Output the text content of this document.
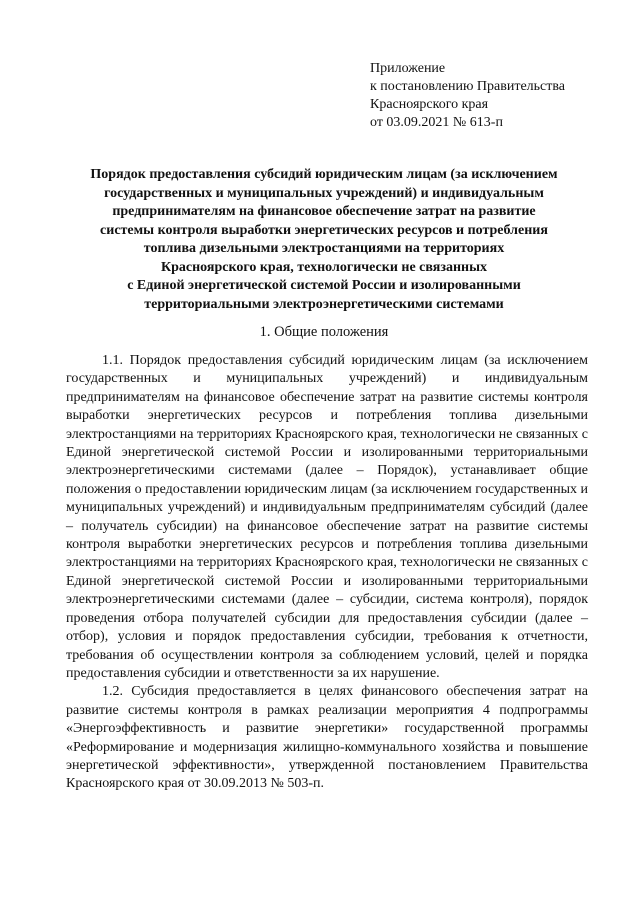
Приложение
к постановлению Правительства
Красноярского края
от 03.09.2021 № 613-п
Порядок предоставления субсидий юридическим лицам (за исключением
государственных и муниципальных учреждений) и индивидуальным
предпринимателям на финансовое обеспечение затрат на развитие
системы контроля выработки энергетических ресурсов и потребления
топлива дизельными электростанциями на территориях
Красноярского края, технологически не связанных
с Единой энергетической системой России и изолированными
территориальными электроэнергетическими системами
1. Общие положения

1.1. Порядок предоставления субсидий юридическим лицам (за исключением государственных и муниципальных учреждений) и индивидуальным предпринимателям на финансовое обеспечение затрат на развитие системы контроля выработки энергетических ресурсов и потребления топлива дизельными электростанциями на территориях Красноярского края, технологически не связанных с Единой энергетической системой России и изолированными территориальными электроэнергетическими системами (далее – Порядок), устанавливает общие положения о предоставлении юридическим лицам (за исключением государственных и муниципальных учреждений) и индивидуальным предпринимателям субсидий (далее – получатель субсидии) на финансовое обеспечение затрат на развитие системы контроля выработки энергетических ресурсов и потребления топлива дизельными электростанциями на территориях Красноярского края, технологически не связанных с Единой энергетической системой России и изолированными территориальными электроэнергетическими системами (далее – субсидии, система контроля), порядок проведения отбора получателей субсидии для предоставления субсидии (далее – отбор), условия и порядок предоставления субсидии, требования к отчетности, требования об осуществлении контроля за соблюдением условий, целей и порядка предоставления субсидии и ответственности за их нарушение.

1.2. Субсидия предоставляется в целях финансового обеспечения затрат на развитие системы контроля в рамках реализации мероприятия 4 подпрограммы «Энергоэффективность и развитие энергетики» государственной программы «Реформирование и модернизация жилищно-коммунального хозяйства и повышение энергетической эффективности», утвержденной постановлением Правительства Красноярского края от 30.09.2013 № 503-п.
